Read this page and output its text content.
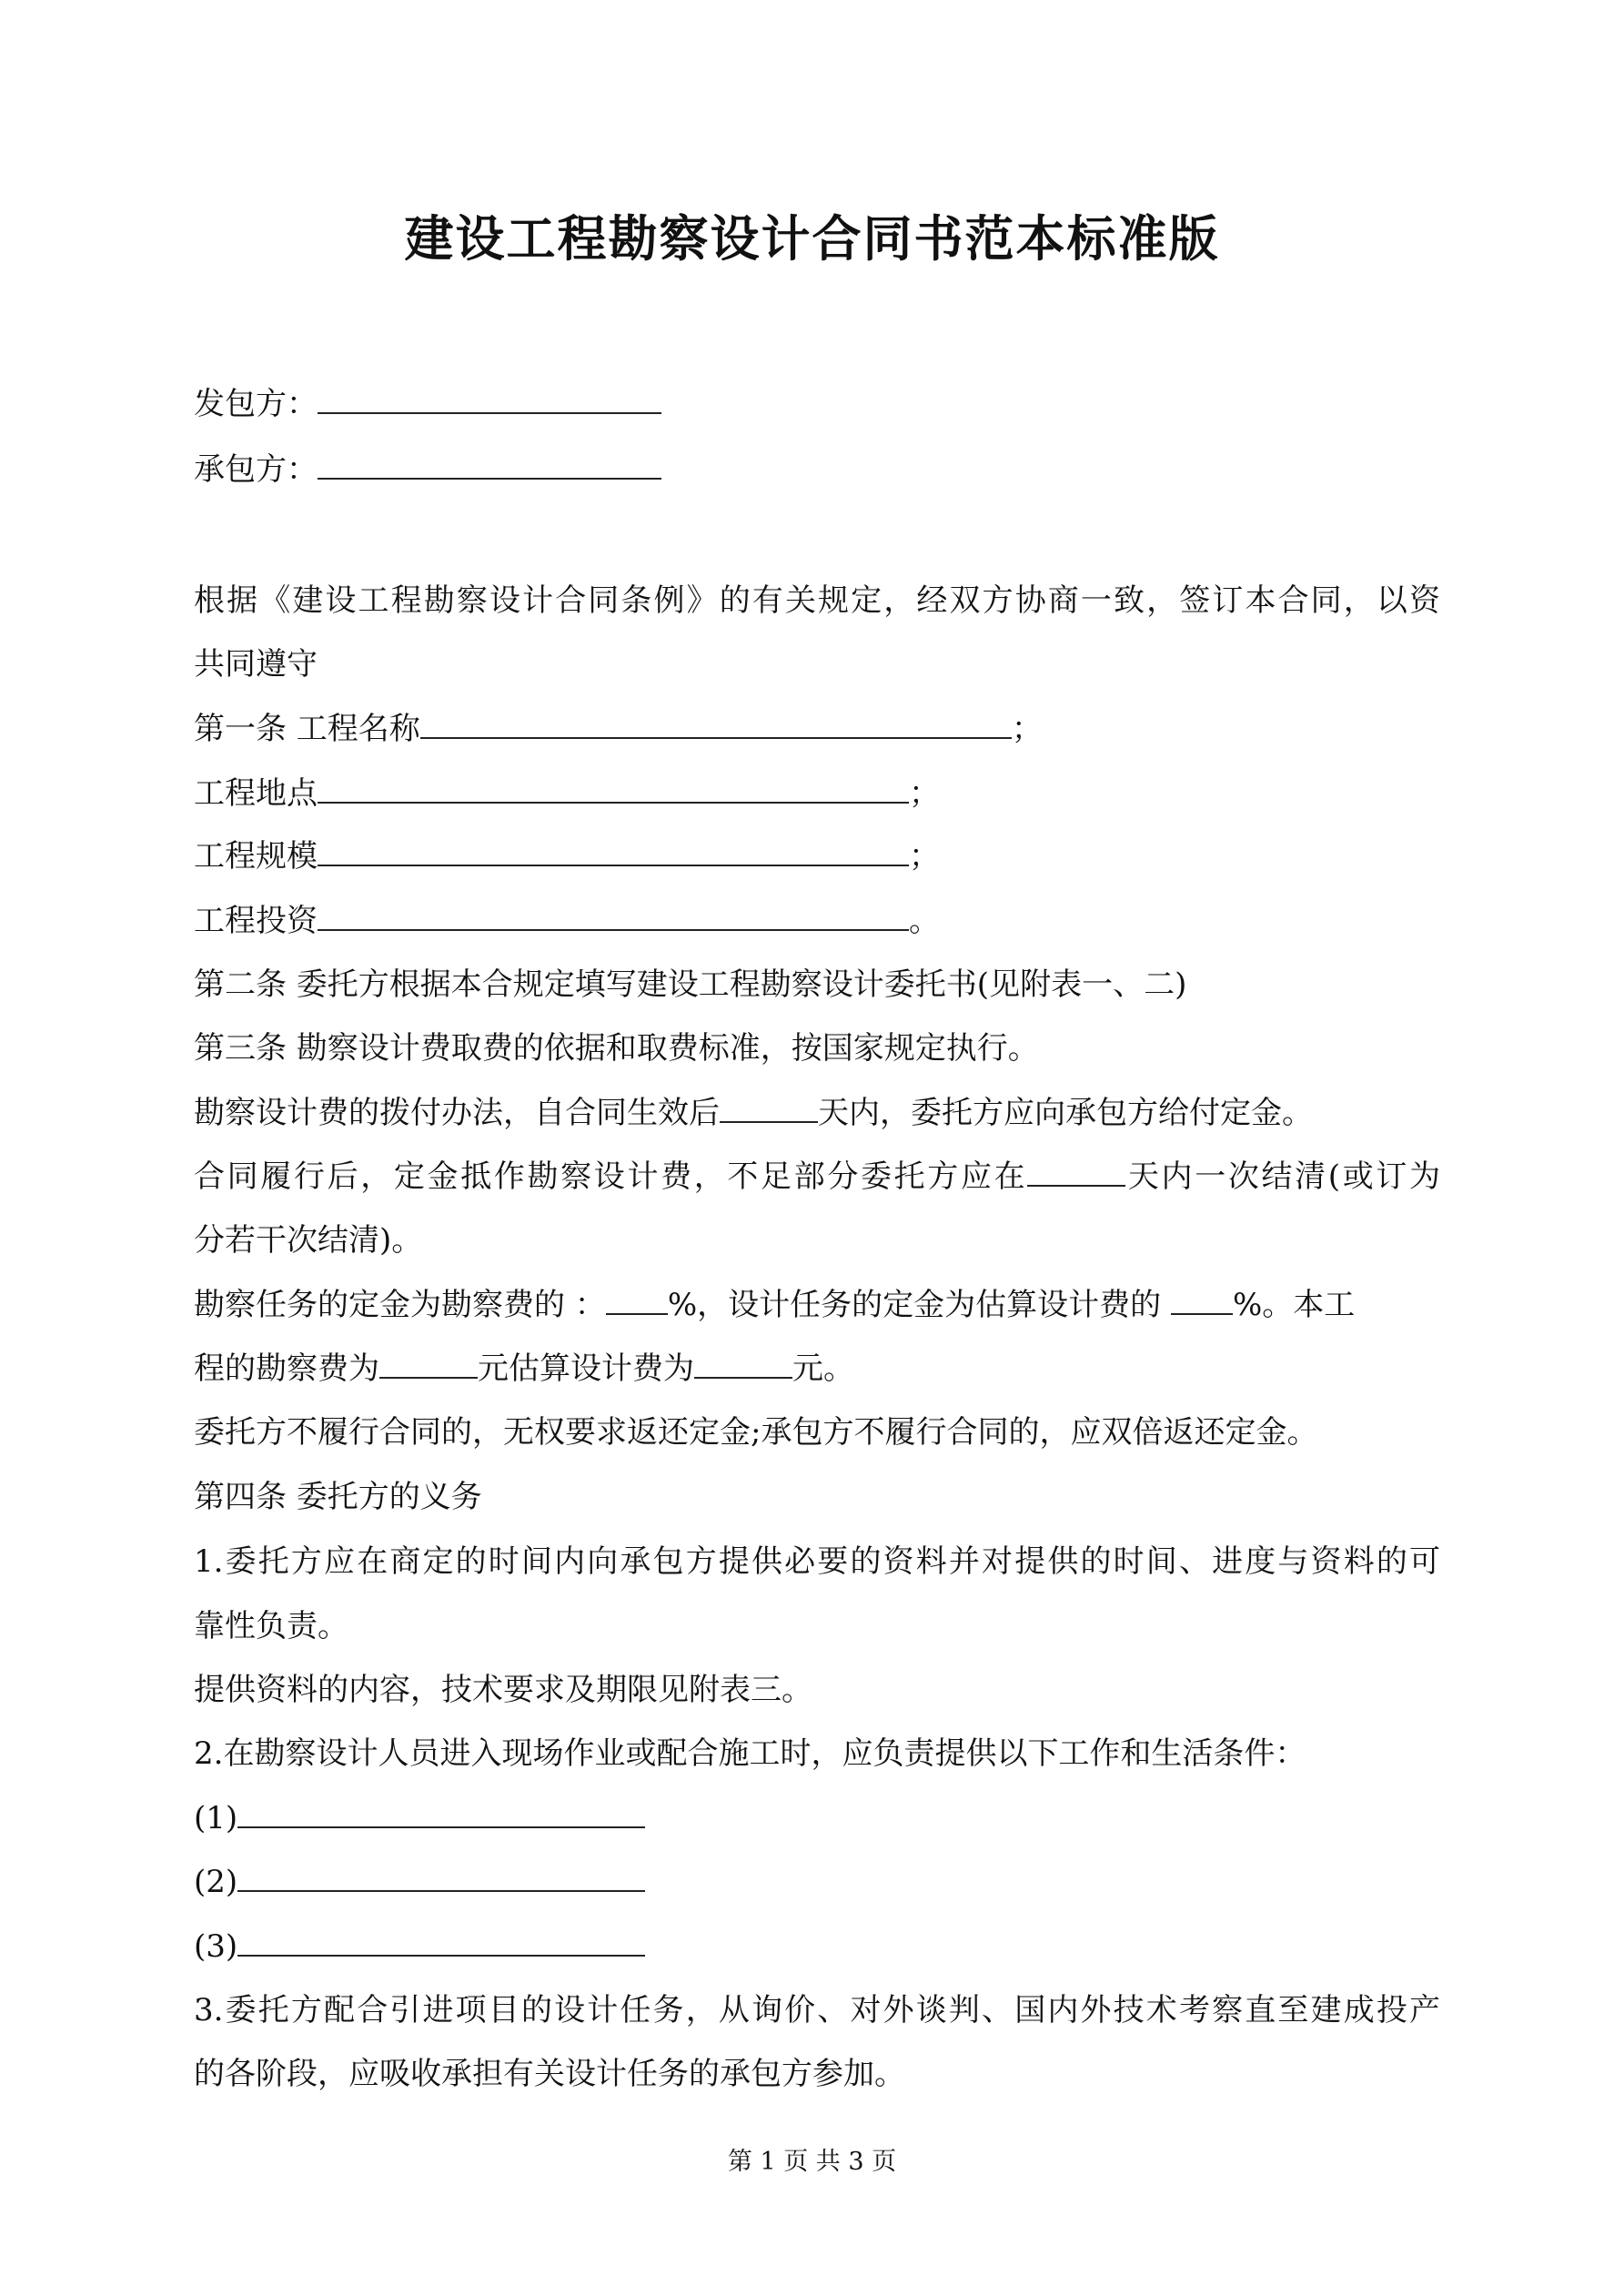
建设工程勘察设计合同书范本标准版
发包方：
承包方：
根据《建设工程勘察设计合同条例》的有关规定，经双方协商一致，签订本合同，以资
共同遵守
第一条 工程名称	；
工程地点	；
工程规模	；
工程投资	。
第二条 委托方根据本合规定填写建设工程勘察设计委托书(见附表一、二)
第三条 勘察设计费取费的依据和取费标准，按国家规定执行。
勘察设计费的拨付办法，自合同生效后	天内，委托方应向承包方给付定金。
合同履行后，定金抵作勘察设计费，不足部分委托方应在	天内一次结清(或订为
分若干次结清)。
勘察任务的定金为勘察费的 ： %，设计任务的定金为估算设计费的 %。本工
程的勘察费为	元估算设计费为	元。
委托方不履行合同的，无权要求返还定金;承包方不履行合同的，应双倍返还定金。
第四条 委托方的义务
1.委托方应在商定的时间内向承包方提供必要的资料并对提供的时间、进度与资料的可
靠性负责。
提供资料的内容，技术要求及期限见附表三。
2.在勘察设计人员进入现场作业或配合施工时，应负责提供以下工作和生活条件：
(1)
(2)
(3)
3.委托方配合引进项目的设计任务，从询价、对外谈判、国内外技术考察直至建成投产
的各阶段，应吸收承担有关设计任务的承包方参加。
第 1 页 共 3 页
